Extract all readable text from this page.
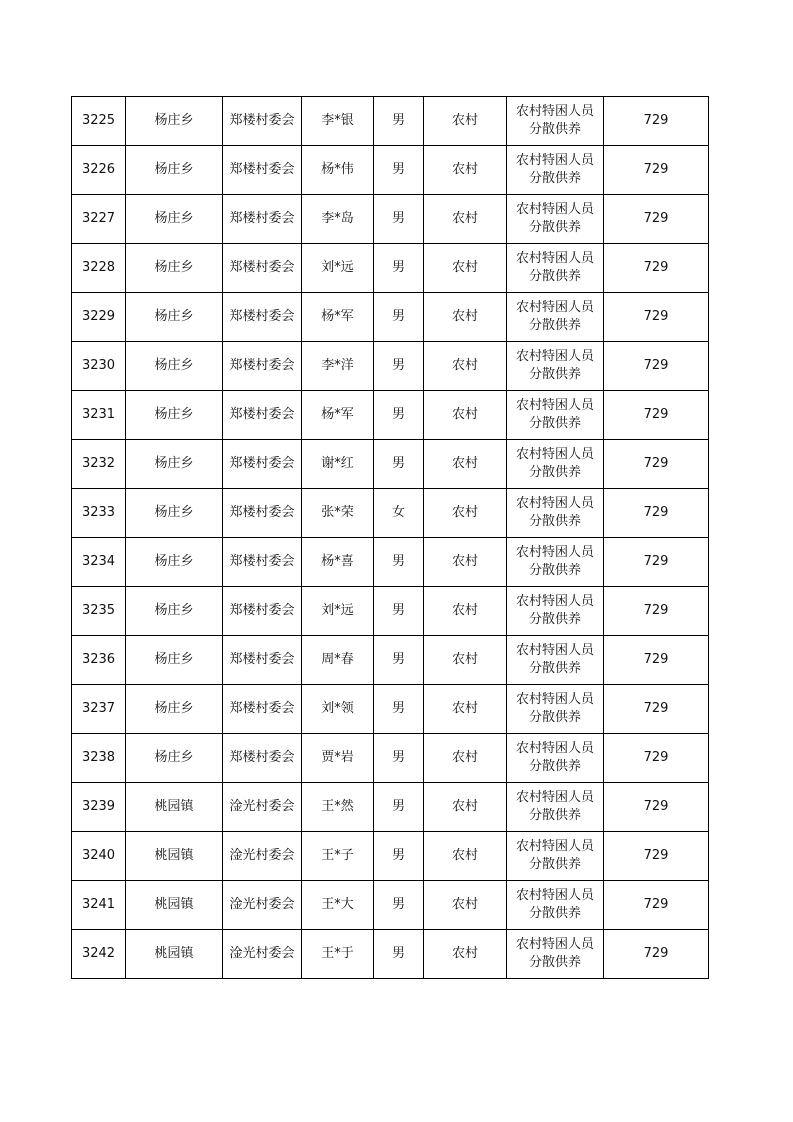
3225	杨庄乡	郑楼村委会	李*银	男	农村	农村特困人员分散供养	729
3226	杨庄乡	郑楼村委会	杨*伟	男	农村	农村特困人员分散供养	729
3227	杨庄乡	郑楼村委会	李*岛	男	农村	农村特困人员分散供养	729
3228	杨庄乡	郑楼村委会	刘*远	男	农村	农村特困人员分散供养	729
3229	杨庄乡	郑楼村委会	杨*军	男	农村	农村特困人员分散供养	729
3230	杨庄乡	郑楼村委会	李*洋	男	农村	农村特困人员分散供养	729
3231	杨庄乡	郑楼村委会	杨*军	男	农村	农村特困人员分散供养	729
3232	杨庄乡	郑楼村委会	谢*红	男	农村	农村特困人员分散供养	729
3233	杨庄乡	郑楼村委会	张*荣	女	农村	农村特困人员分散供养	729
3234	杨庄乡	郑楼村委会	杨*喜	男	农村	农村特困人员分散供养	729
3235	杨庄乡	郑楼村委会	刘*远	男	农村	农村特困人员分散供养	729
3236	杨庄乡	郑楼村委会	周*春	男	农村	农村特困人员分散供养	729
3237	杨庄乡	郑楼村委会	刘*领	男	农村	农村特困人员分散供养	729
3238	杨庄乡	郑楼村委会	贾*岩	男	农村	农村特困人员分散供养	729
3239	桃园镇	淦光村委会	王*然	男	农村	农村特困人员分散供养	729
3240	桃园镇	淦光村委会	王*子	男	农村	农村特困人员分散供养	729
3241	桃园镇	淦光村委会	王*大	男	农村	农村特困人员分散供养	729
3242	桃园镇	淦光村委会	王*于	男	农村	农村特困人员分散供养	729
